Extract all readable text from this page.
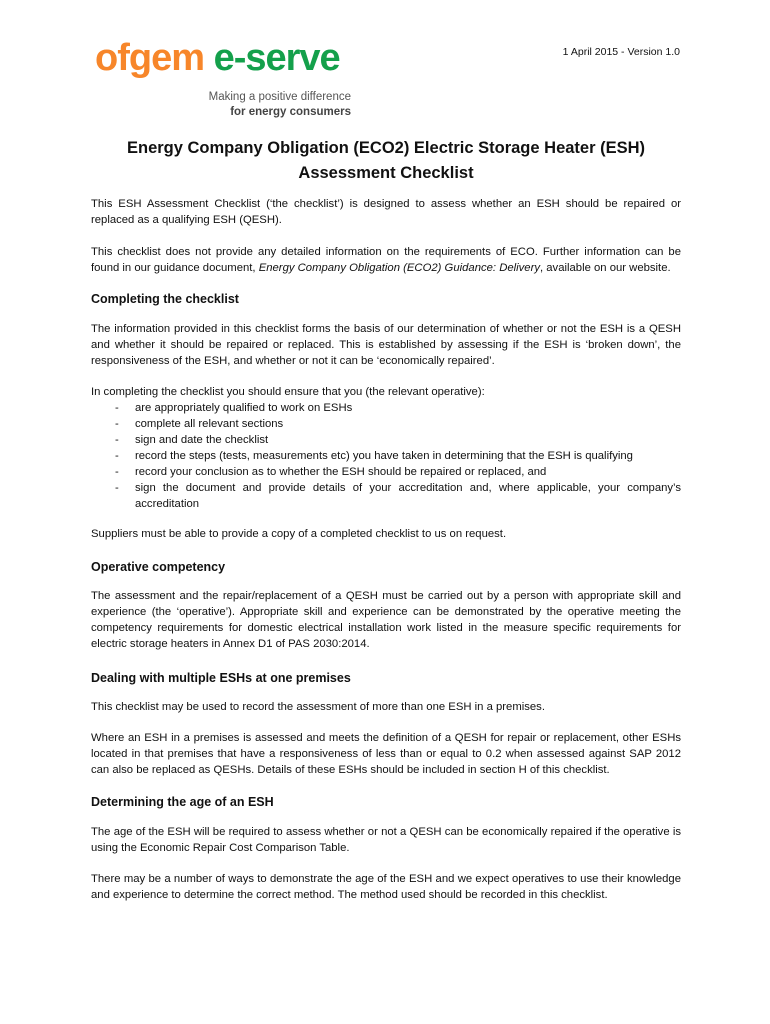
1 April 2015 - Version 1.0
ofgem e-serve
Making a positive difference
for energy consumers
Energy Company Obligation (ECO2) Electric Storage Heater (ESH) Assessment Checklist

This ESH Assessment Checklist (‘the checklist’) is designed to assess whether an ESH should be repaired or replaced as a qualifying ESH (QESH).

This checklist does not provide any detailed information on the requirements of ECO. Further information can be found in our guidance document, Energy Company Obligation (ECO2) Guidance: Delivery, available on our website.

Completing the checklist

The information provided in this checklist forms the basis of our determination of whether or not the ESH is a QESH and whether it should be repaired or replaced. This is established by assessing if the ESH is ‘broken down’, the responsiveness of the ESH, and whether or not it can be ‘economically repaired’.

In completing the checklist you should ensure that you (the relevant operative):

- are appropriately qualified to work on ESHs
- complete all relevant sections
- sign and date the checklist
- record the steps (tests, measurements etc) you have taken in determining that the ESH is qualifying
- record your conclusion as to whether the ESH should be repaired or replaced, and
- sign the document and provide details of your accreditation and, where applicable, your company’s accreditation

Suppliers must be able to provide a copy of a completed checklist to us on request.

Operative competency

The assessment and the repair/replacement of a QESH must be carried out by a person with appropriate skill and experience (the ‘operative’). Appropriate skill and experience can be demonstrated by the operative meeting the competency requirements for domestic electrical installation work listed in the measure specific requirements for electric storage heaters in Annex D1 of PAS 2030:2014.

Dealing with multiple ESHs at one premises

This checklist may be used to record the assessment of more than one ESH in a premises.

Where an ESH in a premises is assessed and meets the definition of a QESH for repair or replacement, other ESHs located in that premises that have a responsiveness of less than or equal to 0.2 when assessed against SAP 2012 can also be replaced as QESHs. Details of these ESHs should be included in section H of this checklist.

Determining the age of an ESH

The age of the ESH will be required to assess whether or not a QESH can be economically repaired if the operative is using the Economic Repair Cost Comparison Table.

There may be a number of ways to demonstrate the age of the ESH and we expect operatives to use their knowledge and experience to determine the correct method. The method used should be recorded in this checklist.
